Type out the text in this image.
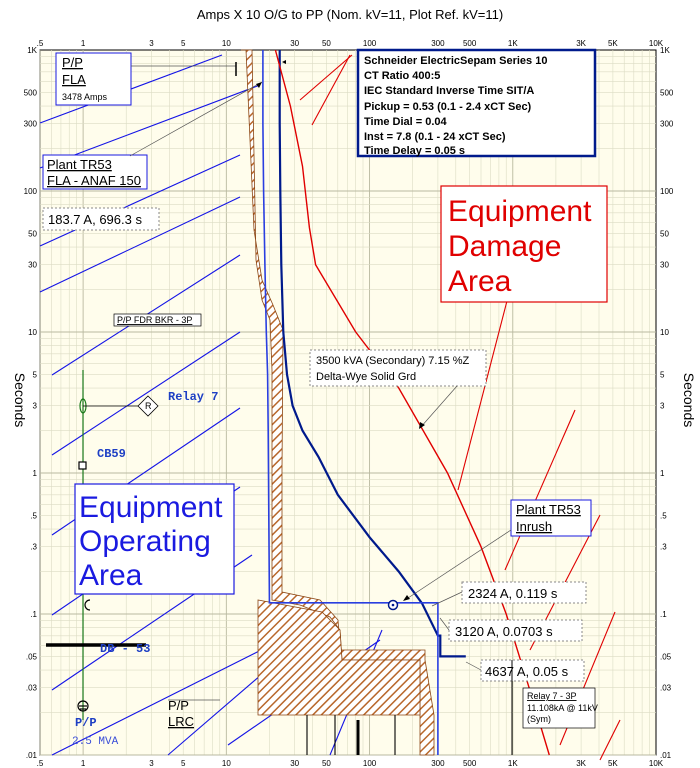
.5
.5
1
1
3
3
5
5
10
10
30
30
50
50
100
100
300
300
500
500
1K
1K
3K
3K
5K
5K
10K
10K
1K	1K
500	500
300	300
100	100
50	50
30	30
10	10
5	5
3	3
1	1
.5	.5
.3	.3
.1	.1
.05	.05
.03	.03
.01	.01
Amps X 10 O/G to PP (Nom. kV=11, Plot Ref. kV=11)
Seconds	Seconds
P/P
FLA
3478 Amps
Plant TR53
FLA - ANAF 150
183.7 A, 696.3 s
Schneider ElectricSepam Series 10
CT Ratio 400:5
IEC Standard Inverse Time SIT/A
Pickup = 0.53 (0.1 - 2.4 xCT Sec)
Time Dial = 0.04
Inst = 7.8 (0.1 - 24 xCT Sec)
Time Delay = 0.05 s
Equipment
Damage
Area
P/P FDR BKR - 3P
3500 kVA (Secondary) 7.15 %Z
Delta-Wye Solid Grd
R
Relay 7
CB59
Equipment
Operating
Area
Plant TR53
Inrush
2324 A, 0.119 s
3120 A, 0.0703 s
4637 A, 0.05 s
DB - 53
P/P
2.5 MVA
P/P
LRC
Relay 7 - 3P
11.108kA @ 11kV
(Sym)
